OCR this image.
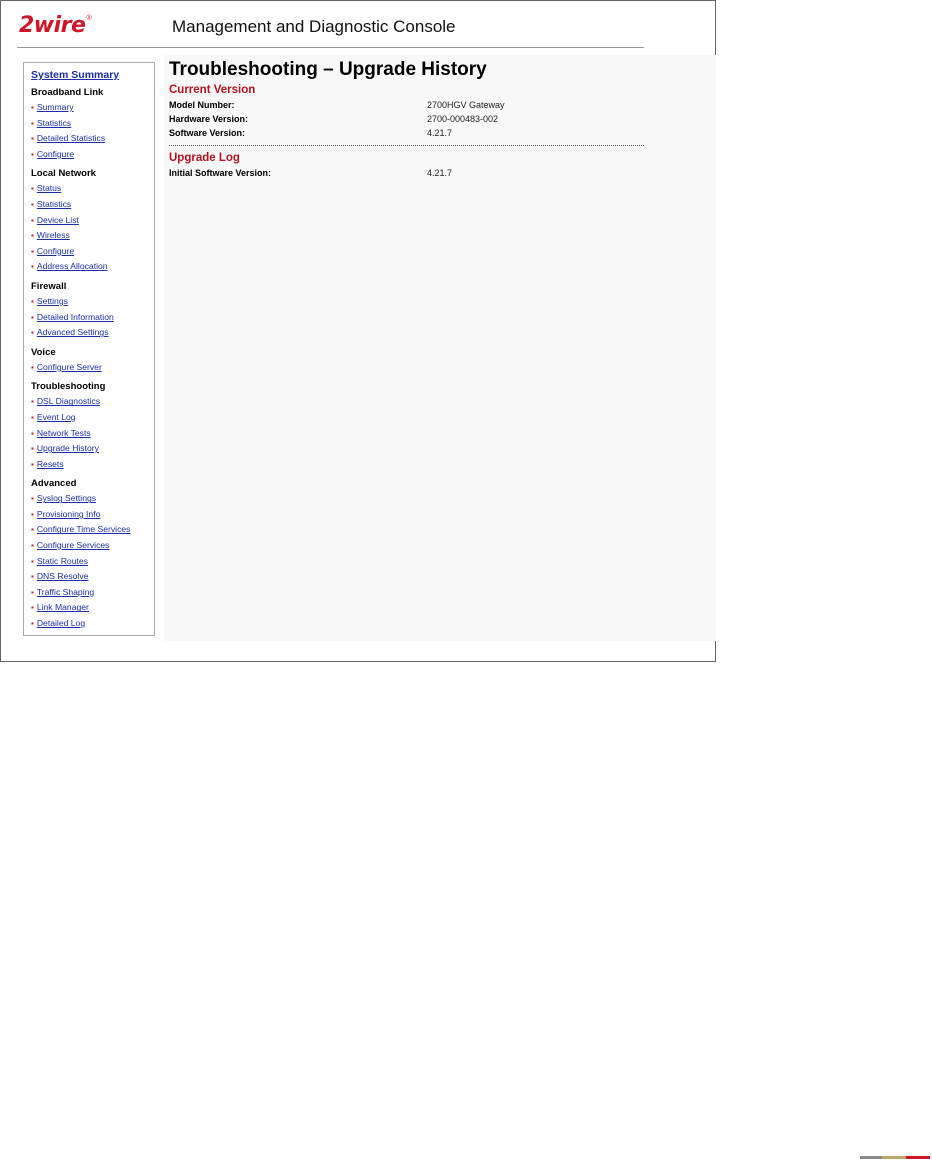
2wire ®	Management and Diagnostic Console
System Summary
Broadband Link
▪ Summary
▪ Statistics
▪ Detailed Statistics
▪ Configure
Local Network
▪ Status
▪ Statistics
▪ Device List
▪ Wireless
▪ Configure
▪ Address Allocation
Firewall
▪ Settings
▪ Detailed Information
▪ Advanced Settings
Voice
▪ Configure Server
Troubleshooting
▪ DSL Diagnostics
▪ Event Log
▪ Network Tests
▪ Upgrade History
▪ Resets
Advanced
▪ Syslog Settings
▪ Provisioning Info
▪ Configure Time Services
▪ Configure Services
▪ Static Routes
▪ DNS Resolve
▪ Traffic Shaping
▪ Link Manager
▪ Detailed Log
Troubleshooting – Upgrade History
Current Version
Model Number:	2700HGV Gateway
Hardware Version:	2700-000483-002
Software Version:	4.21.7
Upgrade Log
Initial Software Version:	4.21.7
